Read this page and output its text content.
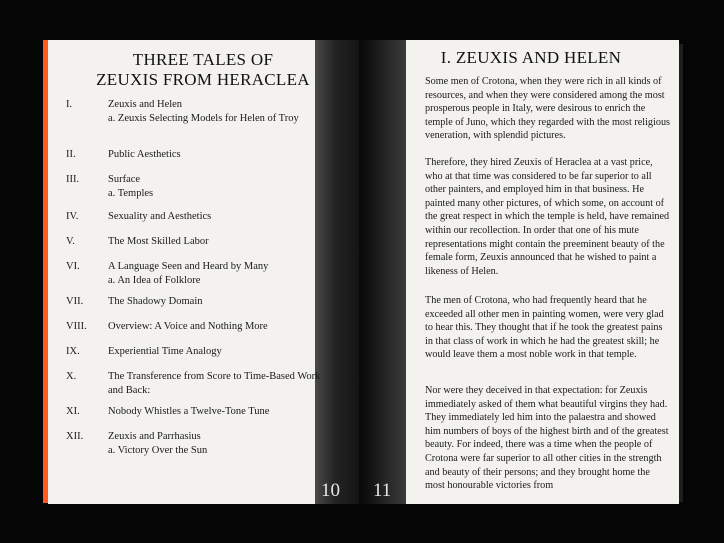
10
THREE TALES OF
ZEUXIS FROM HERACLEA
I.	Zeuxis and Helen
a. Zeuxis Selecting Models for Helen of Troy
II.	Public Aesthetics
III.	Surface
a. Temples
IV.	Sexuality and Aesthetics
V.	The Most Skilled Labor
VI.	A Language Seen and Heard by Many
a. An Idea of Folklore
VII.	The Shadowy Domain
VIII.	Overview: A Voice and Nothing More
IX.	Experiential Time Analogy
X.	The Transference from Score to Time-Based Work and Back:
XI.	Nobody Whistles a Twelve-Tone Tune
XII.	Zeuxis and Parrhasius
a. Victory Over the Sun
11
I. ZEUXIS AND HELEN

Some men of Crotona, when they were rich in all kinds of resources, and when they were considered among the most prosperous people in Italy, were desirous to enrich the temple of Juno, which they regarded with the most religious veneration, with splendid pictures.

Therefore, they hired Zeuxis of Heraclea at a vast price, who at that time was considered to be far superior to all other painters, and employed him in that business. He painted many other pictures, of which some, on account of the great respect in which the temple is held, have remained within our recollection. In order that one of his mute representations might contain the preeminent beauty of the female form, Zeuxis announced that he wished to paint a likeness of Helen.

The men of Crotona, who had frequently heard that he exceeded all other men in painting women, were very glad to hear this. They thought that if he took the greatest pains in that class of work in which he had the greatest skill; he would leave them a most noble work in that temple.

Nor were they deceived in that expectation: for Zeuxis immediately asked of them what beautiful virgins they had. They immediately led him into the palaestra and showed him numbers of boys of the highest birth and of the greatest beauty. For indeed, there was a time when the people of Crotona were far superior to all other cities in the strength and beauty of their persons; and they brought home the most honourable victories from
